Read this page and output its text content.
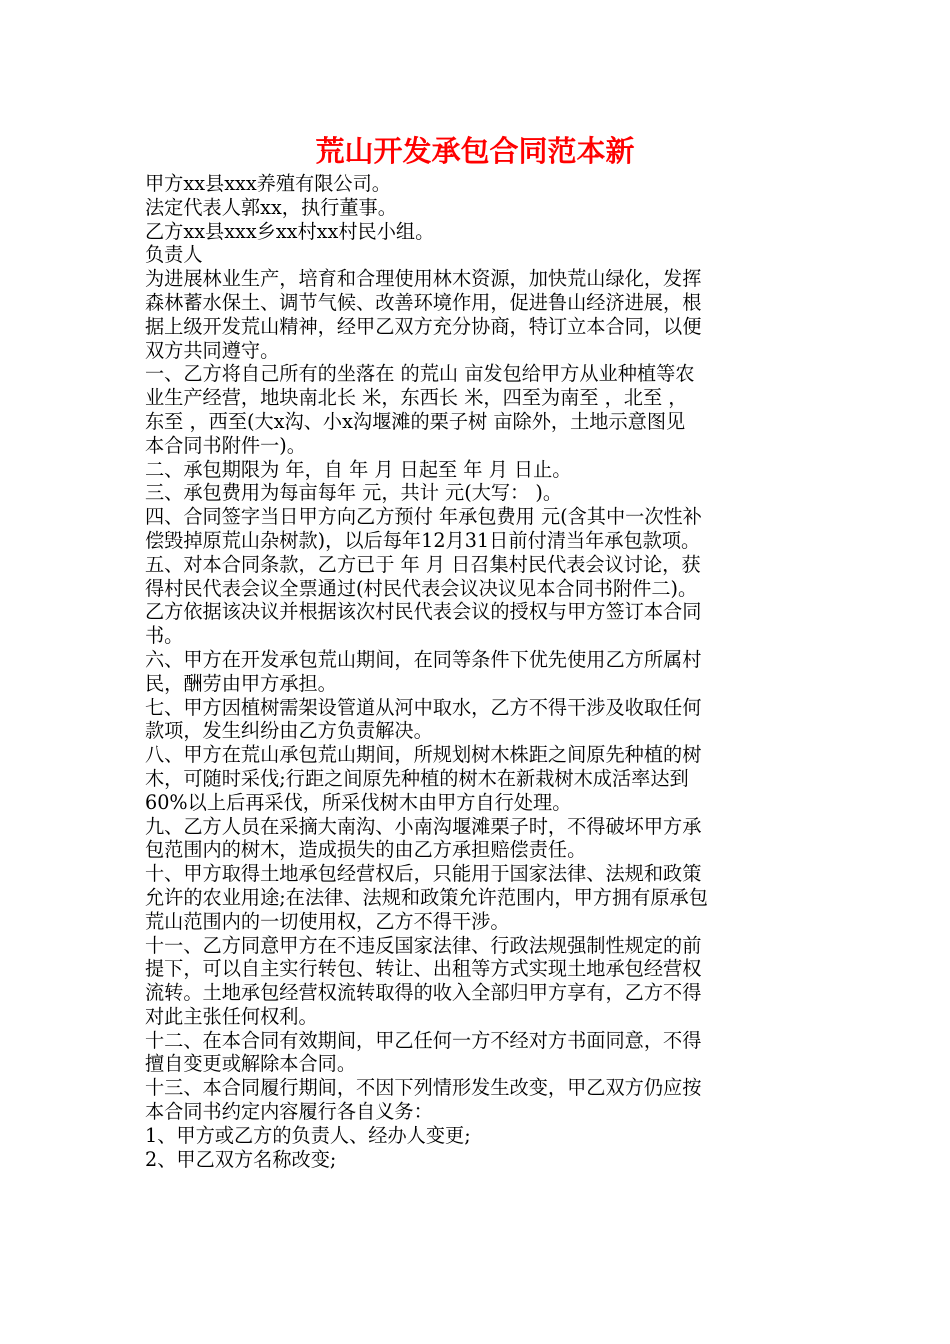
荒山开发承包合同范本新
甲方xx县xxx养殖有限公司。
法定代表人郭xx，执行董事。
乙方xx县xxx乡xx村xx村民小组。
负责人
为进展林业生产，培育和合理使用林木资源，加快荒山绿化，发挥
森林蓄水保土、调节气候、改善环境作用，促进鲁山经济进展，根
据上级开发荒山精神，经甲乙双方充分协商，特订立本合同，以便
双方共同遵守。
一、乙方将自己所有的坐落在 的荒山 亩发包给甲方从业种植等农
业生产经营，地块南北长 米，东西长 米，四至为南至 ，北至 ，
东至 ，西至(大x沟、小x沟堰滩的栗子树 亩除外，土地示意图见
本合同书附件一)。
二、承包期限为 年，自 年 月 日起至 年 月 日止。
三、承包费用为每亩每年 元，共计 元(大写： )。
四、合同签字当日甲方向乙方预付 年承包费用 元(含其中一次性补
偿毁掉原荒山杂树款)，以后每年12月31日前付清当年承包款项。
五、对本合同条款，乙方已于 年 月 日召集村民代表会议讨论，获
得村民代表会议全票通过(村民代表会议决议见本合同书附件二)。
乙方依据该决议并根据该次村民代表会议的授权与甲方签订本合同
书。
六、甲方在开发承包荒山期间，在同等条件下优先使用乙方所属村
民，酬劳由甲方承担。
七、甲方因植树需架设管道从河中取水，乙方不得干涉及收取任何
款项，发生纠纷由乙方负责解决。
八、甲方在荒山承包荒山期间，所规划树木株距之间原先种植的树
木，可随时采伐;行距之间原先种植的树木在新栽树木成活率达到
60%以上后再采伐，所采伐树木由甲方自行处理。
九、乙方人员在采摘大南沟、小南沟堰滩栗子时，不得破坏甲方承
包范围内的树木，造成损失的由乙方承担赔偿责任。
十、甲方取得土地承包经营权后，只能用于国家法律、法规和政策
允许的农业用途;在法律、法规和政策允许范围内，甲方拥有原承包
荒山范围内的一切使用权，乙方不得干涉。
十一、乙方同意甲方在不违反国家法律、行政法规强制性规定的前
提下，可以自主实行转包、转让、出租等方式实现土地承包经营权
流转。土地承包经营权流转取得的收入全部归甲方享有，乙方不得
对此主张任何权利。
十二、在本合同有效期间，甲乙任何一方不经对方书面同意，不得
擅自变更或解除本合同。
十三、本合同履行期间，不因下列情形发生改变，甲乙双方仍应按
本合同书约定内容履行各自义务：
1、甲方或乙方的负责人、经办人变更;
2、甲乙双方名称改变;
